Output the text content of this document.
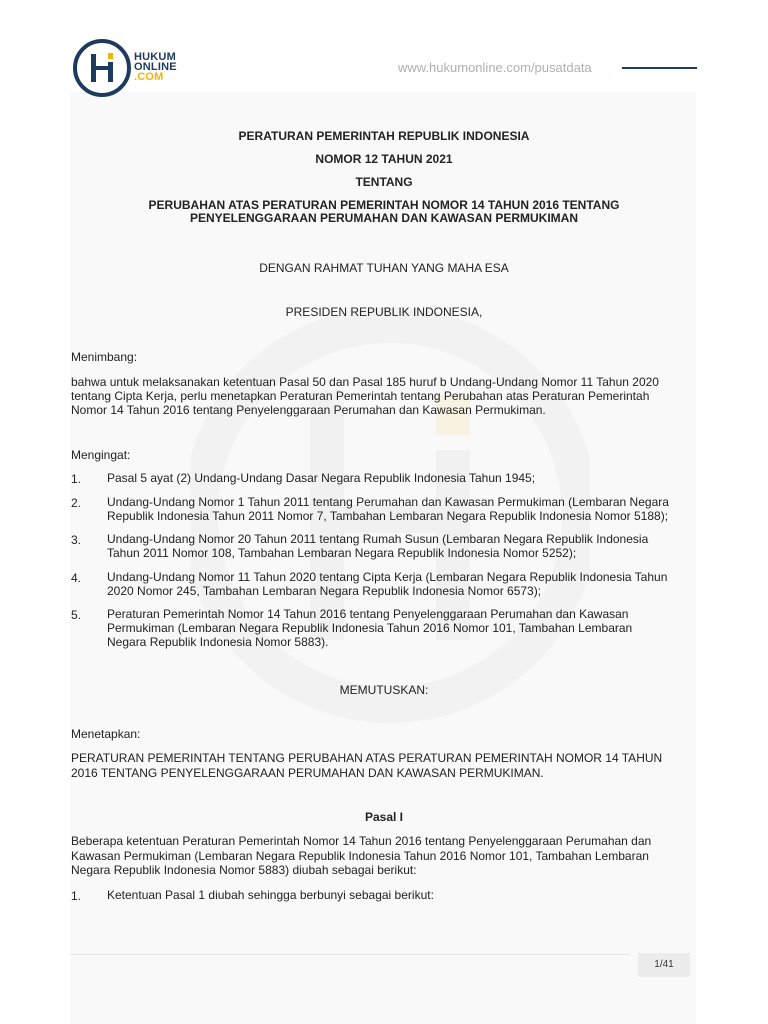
HUKUM
ONLINE
.COM
www.hukumonline.com/pusatdata
PERATURAN PEMERINTAH REPUBLIK INDONESIA
NOMOR 12 TAHUN 2021
TENTANG
PERUBAHAN ATAS PERATURAN PEMERINTAH NOMOR 14 TAHUN 2016 TENTANG
PENYELENGGARAAN PERUMAHAN DAN KAWASAN PERMUKIMAN
DENGAN RAHMAT TUHAN YANG MAHA ESA
PRESIDEN REPUBLIK INDONESIA,
Menimbang:
bahwa untuk melaksanakan ketentuan Pasal 50 dan Pasal 185 huruf b Undang-Undang Nomor 11 Tahun 2020
tentang Cipta Kerja, perlu menetapkan Peraturan Pemerintah tentang Perubahan atas Peraturan Pemerintah
Nomor 14 Tahun 2016 tentang Penyelenggaraan Perumahan dan Kawasan Permukiman.
Mengingat:
1. Pasal 5 ayat (2) Undang-Undang Dasar Negara Republik Indonesia Tahun 1945;
2. Undang-Undang Nomor 1 Tahun 2011 tentang Perumahan dan Kawasan Permukiman (Lembaran Negara
Republik Indonesia Tahun 2011 Nomor 7, Tambahan Lembaran Negara Republik Indonesia Nomor 5188);
3. Undang-Undang Nomor 20 Tahun 2011 tentang Rumah Susun (Lembaran Negara Republik Indonesia
Tahun 2011 Nomor 108, Tambahan Lembaran Negara Republik Indonesia Nomor 5252);
4. Undang-Undang Nomor 11 Tahun 2020 tentang Cipta Kerja (Lembaran Negara Republik Indonesia Tahun
2020 Nomor 245, Tambahan Lembaran Negara Republik Indonesia Nomor 6573);
5. Peraturan Pemerintah Nomor 14 Tahun 2016 tentang Penyelenggaraan Perumahan dan Kawasan
Permukiman (Lembaran Negara Republik Indonesia Tahun 2016 Nomor 101, Tambahan Lembaran
Negara Republik Indonesia Nomor 5883).
MEMUTUSKAN:
Menetapkan:
PERATURAN PEMERINTAH TENTANG PERUBAHAN ATAS PERATURAN PEMERINTAH NOMOR 14 TAHUN
2016 TENTANG PENYELENGGARAAN PERUMAHAN DAN KAWASAN PERMUKIMAN.
Pasal I
Beberapa ketentuan Peraturan Pemerintah Nomor 14 Tahun 2016 tentang Penyelenggaraan Perumahan dan
Kawasan Permukiman (Lembaran Negara Republik Indonesia Tahun 2016 Nomor 101, Tambahan Lembaran
Negara Republik Indonesia Nomor 5883) diubah sebagai berikut:
1. Ketentuan Pasal 1 diubah sehingga berbunyi sebagai berikut:
1/41
